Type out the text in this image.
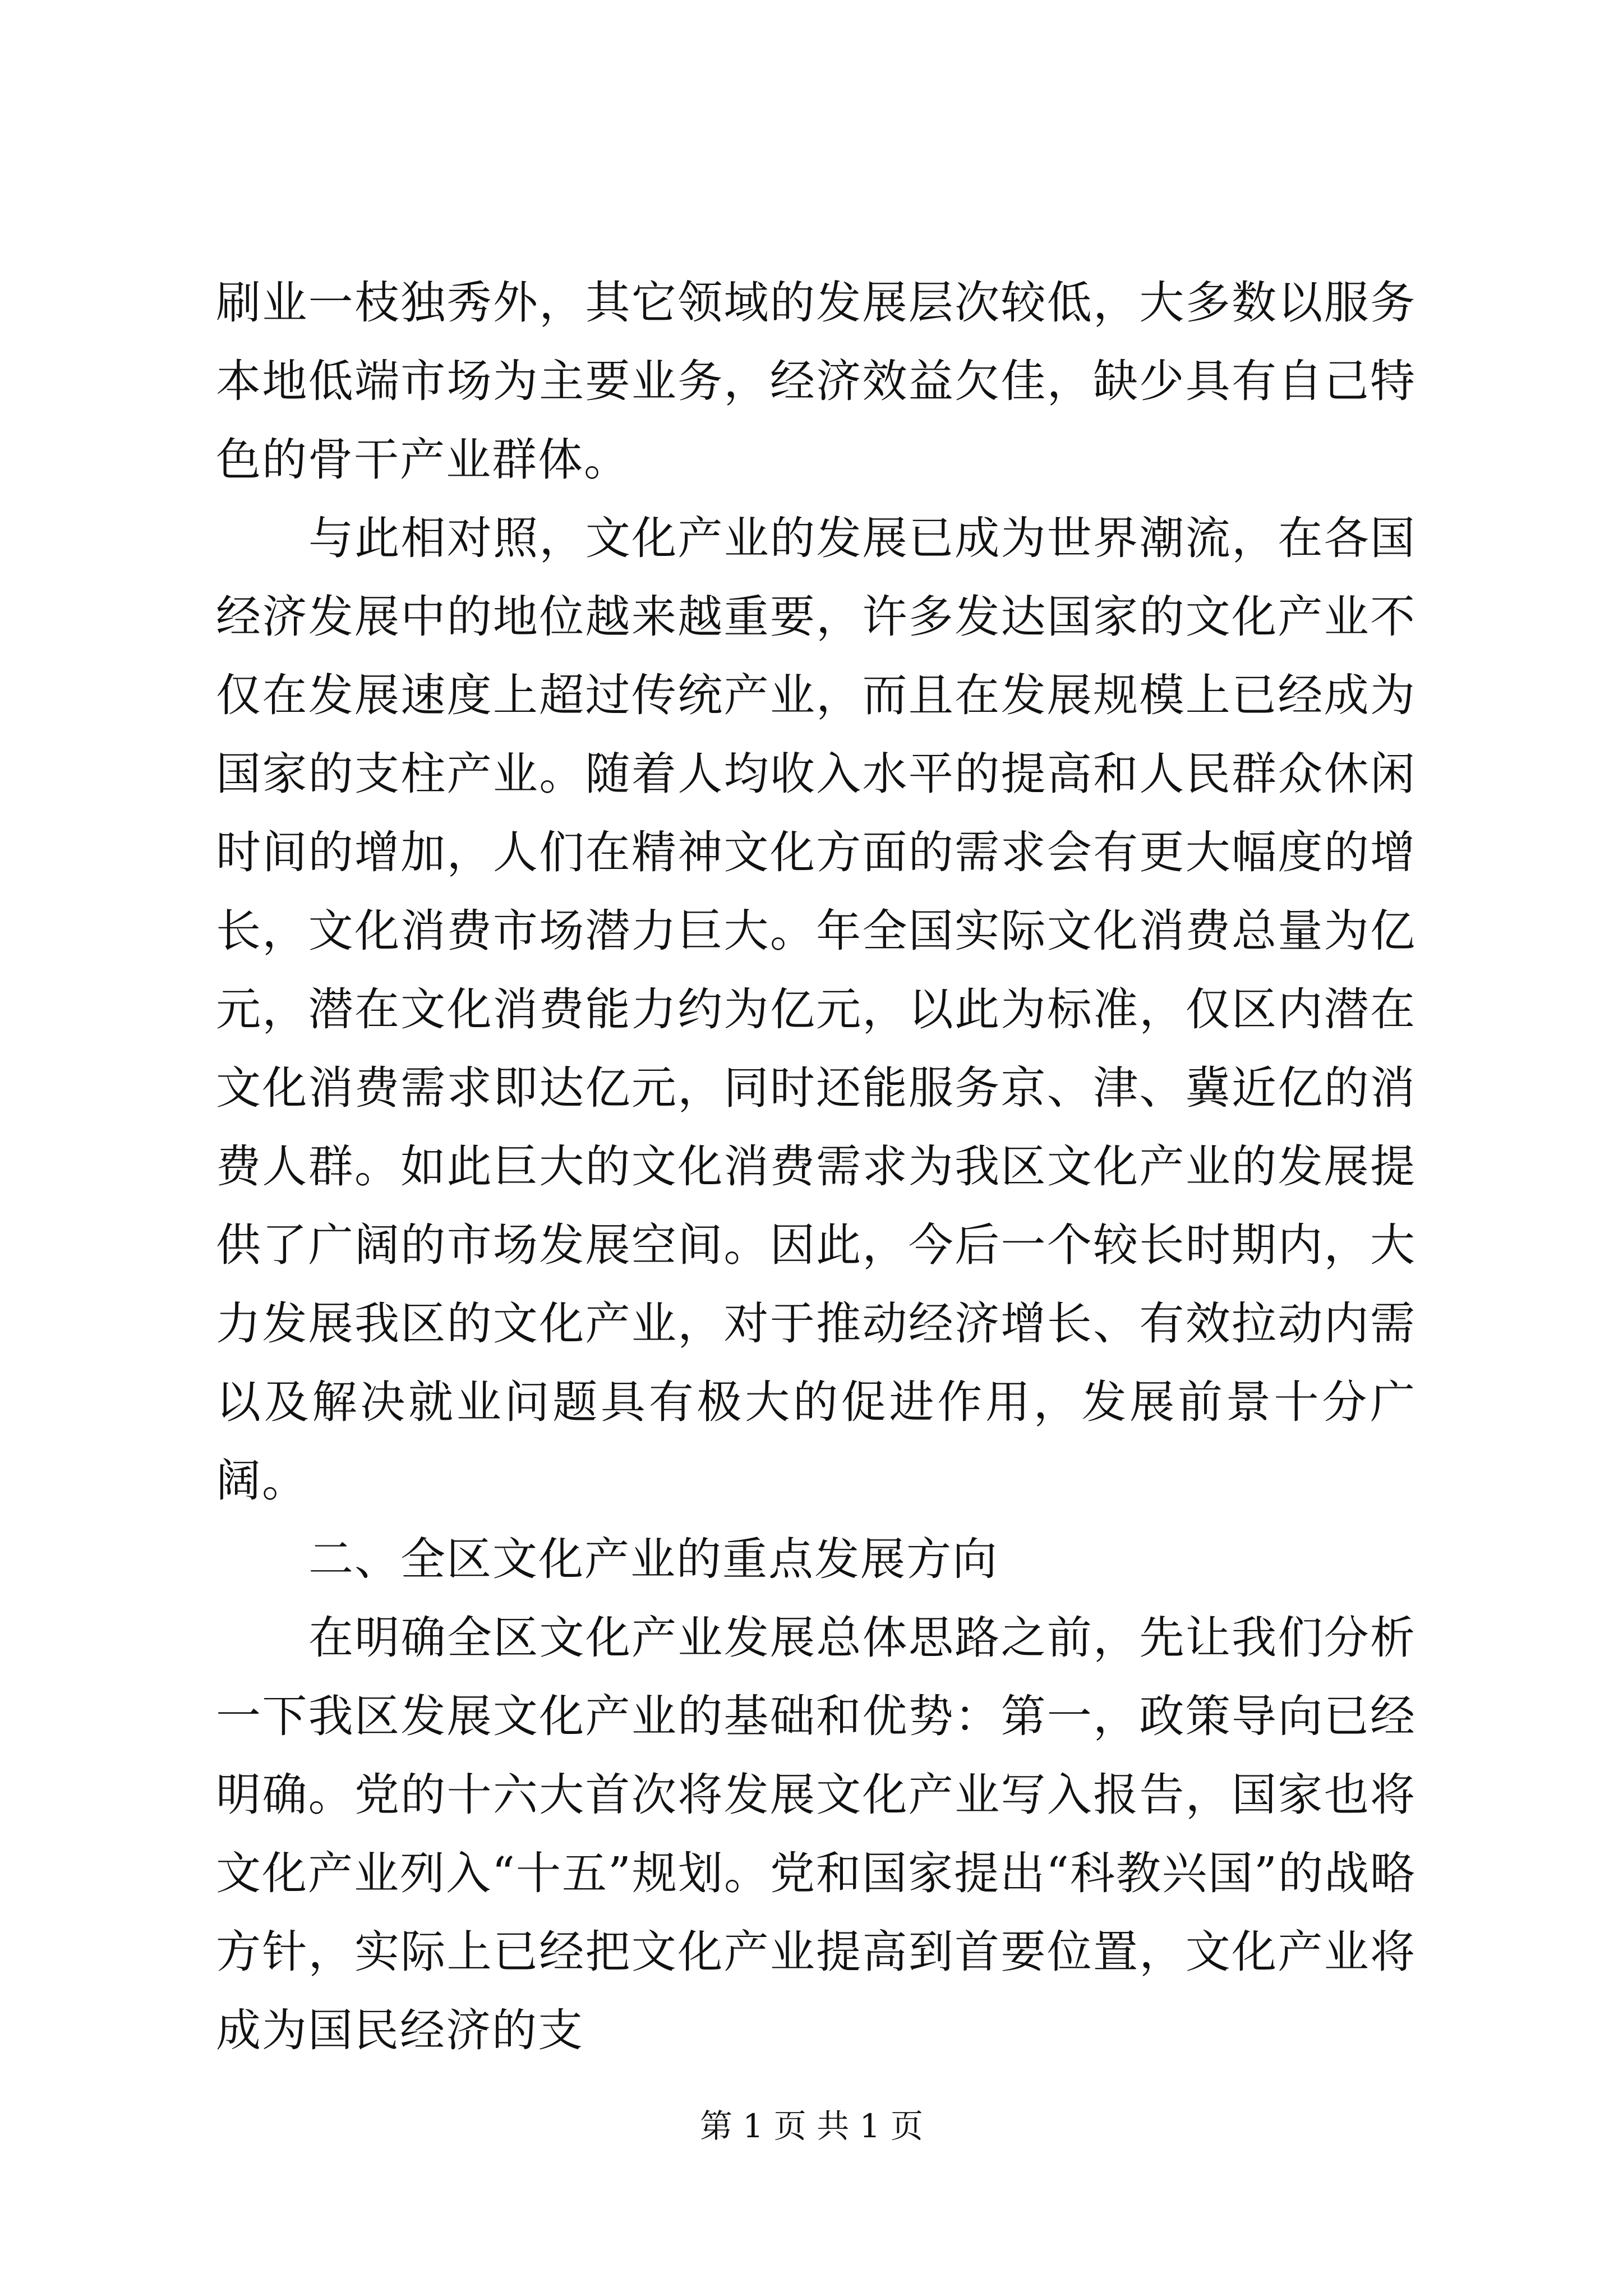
刷业一枝独秀外，其它领域的发展层次较低，大多数以服务本地低端市场为主要业务，经济效益欠佳，缺少具有自己特色的骨干产业群体。

与此相对照，文化产业的发展已成为世界潮流，在各国经济发展中的地位越来越重要，许多发达国家的文化产业不仅在发展速度上超过传统产业，而且在发展规模上已经成为国家的支柱产业。随着人均收入水平的提高和人民群众休闲时间的增加，人们在精神文化方面的需求会有更大幅度的增长，文化消费市场潜力巨大。年全国实际文化消费总量为亿元，潜在文化消费能力约为亿元，以此为标准，仅区内潜在文化消费需求即达亿元，同时还能服务京、津、冀近亿的消费人群。如此巨大的文化消费需求为我区文化产业的发展提供了广阔的市场发展空间。因此，今后一个较长时期内，大力发展我区的文化产业，对于推动经济增长、有效拉动内需以及解决就业问题具有极大的促进作用，发展前景十分广阔。

二、全区文化产业的重点发展方向

在明确全区文化产业发展总体思路之前，先让我们分析一下我区发展文化产业的基础和优势：第一，政策导向已经明确。党的十六大首次将发展文化产业写入报告，国家也将文化产业列入“十五”规划。党和国家提出“科教兴国”的战略方针，实际上已经把文化产业提高到首要位置，文化产业将成为国民经济的支

第 1 页 共 1 页
